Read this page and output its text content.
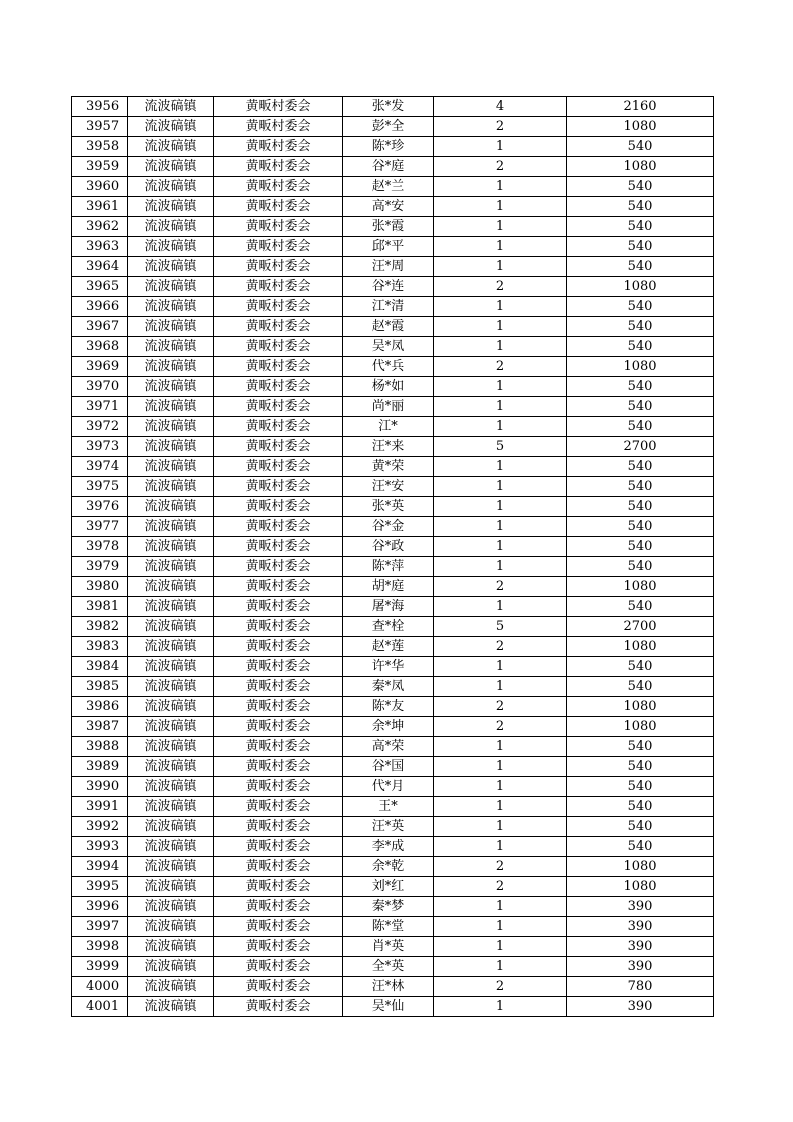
3956	流波碻镇	黄畈村委会	张*发	4	2160
3957	流波碻镇	黄畈村委会	彭*全	2	1080
3958	流波碻镇	黄畈村委会	陈*珍	1	540
3959	流波碻镇	黄畈村委会	谷*庭	2	1080
3960	流波碻镇	黄畈村委会	赵*兰	1	540
3961	流波碻镇	黄畈村委会	高*安	1	540
3962	流波碻镇	黄畈村委会	张*霞	1	540
3963	流波碻镇	黄畈村委会	邱*平	1	540
3964	流波碻镇	黄畈村委会	汪*周	1	540
3965	流波碻镇	黄畈村委会	谷*连	2	1080
3966	流波碻镇	黄畈村委会	江*清	1	540
3967	流波碻镇	黄畈村委会	赵*霞	1	540
3968	流波碻镇	黄畈村委会	吴*凤	1	540
3969	流波碻镇	黄畈村委会	代*兵	2	1080
3970	流波碻镇	黄畈村委会	杨*如	1	540
3971	流波碻镇	黄畈村委会	尚*丽	1	540
3972	流波碻镇	黄畈村委会	江*	1	540
3973	流波碻镇	黄畈村委会	汪*来	5	2700
3974	流波碻镇	黄畈村委会	黄*荣	1	540
3975	流波碻镇	黄畈村委会	汪*安	1	540
3976	流波碻镇	黄畈村委会	张*英	1	540
3977	流波碻镇	黄畈村委会	谷*金	1	540
3978	流波碻镇	黄畈村委会	谷*政	1	540
3979	流波碻镇	黄畈村委会	陈*萍	1	540
3980	流波碻镇	黄畈村委会	胡*庭	2	1080
3981	流波碻镇	黄畈村委会	屠*海	1	540
3982	流波碻镇	黄畈村委会	查*栓	5	2700
3983	流波碻镇	黄畈村委会	赵*莲	2	1080
3984	流波碻镇	黄畈村委会	许*华	1	540
3985	流波碻镇	黄畈村委会	秦*凤	1	540
3986	流波碻镇	黄畈村委会	陈*友	2	1080
3987	流波碻镇	黄畈村委会	余*坤	2	1080
3988	流波碻镇	黄畈村委会	高*荣	1	540
3989	流波碻镇	黄畈村委会	谷*国	1	540
3990	流波碻镇	黄畈村委会	代*月	1	540
3991	流波碻镇	黄畈村委会	王*	1	540
3992	流波碻镇	黄畈村委会	汪*英	1	540
3993	流波碻镇	黄畈村委会	李*成	1	540
3994	流波碻镇	黄畈村委会	余*乾	2	1080
3995	流波碻镇	黄畈村委会	刘*红	2	1080
3996	流波碻镇	黄畈村委会	秦*梦	1	390
3997	流波碻镇	黄畈村委会	陈*堂	1	390
3998	流波碻镇	黄畈村委会	肖*英	1	390
3999	流波碻镇	黄畈村委会	全*英	1	390
4000	流波碻镇	黄畈村委会	汪*林	2	780
4001	流波碻镇	黄畈村委会	吴*仙	1	390
